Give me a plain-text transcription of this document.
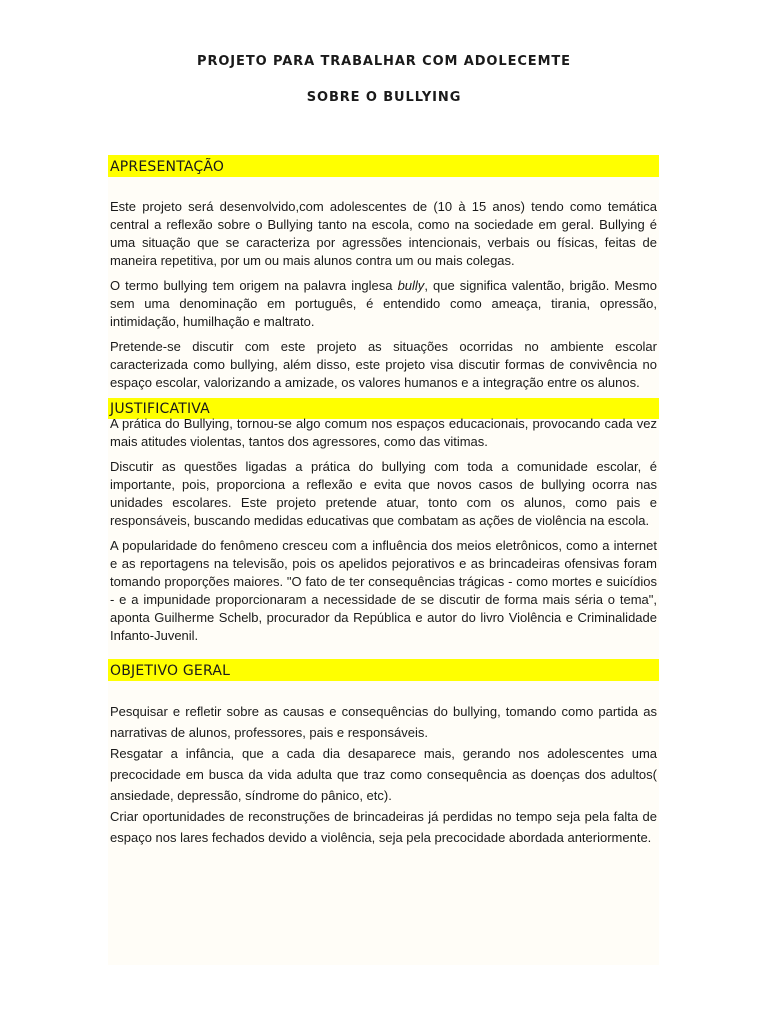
PROJETO PARA TRABALHAR COM ADOLECEMTE
SOBRE O BULLYING
APRESENTAÇÃO

Este projeto será desenvolvido,com adolescentes de (10 à 15 anos) tendo como temática central a reflexão sobre o Bullying tanto na escola, como na sociedade em geral. Bullying é uma situação que se caracteriza por agressões intencionais, verbais ou físicas, feitas de maneira repetitiva, por um ou mais alunos contra um ou mais colegas.

O termo bullying tem origem na palavra inglesa bully, que significa valentão, brigão. Mesmo sem uma denominação em português, é entendido como ameaça, tirania, opressão, intimidação, humilhação e maltrato.

Pretende-se discutir com este projeto as situações ocorridas no ambiente escolar caracterizada como bullying, além disso, este projeto visa discutir formas de convivência no espaço escolar, valorizando a amizade, os valores humanos e a integração entre os alunos.

JUSTIFICATIVA

A prática do Bullying, tornou-se algo comum nos espaços educacionais, provocando cada vez mais atitudes violentas, tantos dos agressores, como das vitimas.

Discutir as questões ligadas a prática do bullying com toda a comunidade escolar, é importante, pois, proporciona a reflexão e evita que novos casos de bullying ocorra nas unidades escolares. Este projeto pretende atuar, tonto com os alunos, como pais e responsáveis, buscando medidas educativas que combatam as ações de violência na escola.

A popularidade do fenômeno cresceu com a influência dos meios eletrônicos, como a internet e as reportagens na televisão, pois os apelidos pejorativos e as brincadeiras ofensivas foram tomando proporções maiores. "O fato de ter consequências trágicas - como mortes e suicídios - e a impunidade proporcionaram a necessidade de se discutir de forma mais séria o tema", aponta Guilherme Schelb, procurador da República e autor do livro Violência e Criminalidade Infanto-Juvenil.

OBJETIVO GERAL

Pesquisar e refletir sobre as causas e consequências do bullying, tomando como partida as narrativas de alunos, professores, pais e responsáveis.

Resgatar a infância, que a cada dia desaparece mais, gerando nos adolescentes uma precocidade em busca da vida adulta que traz como consequência as doenças dos adultos( ansiedade, depressão, síndrome do pânico, etc).

Criar oportunidades de reconstruções de brincadeiras já perdidas no tempo seja pela falta de espaço nos lares fechados devido a violência, seja pela precocidade abordada anteriormente.
